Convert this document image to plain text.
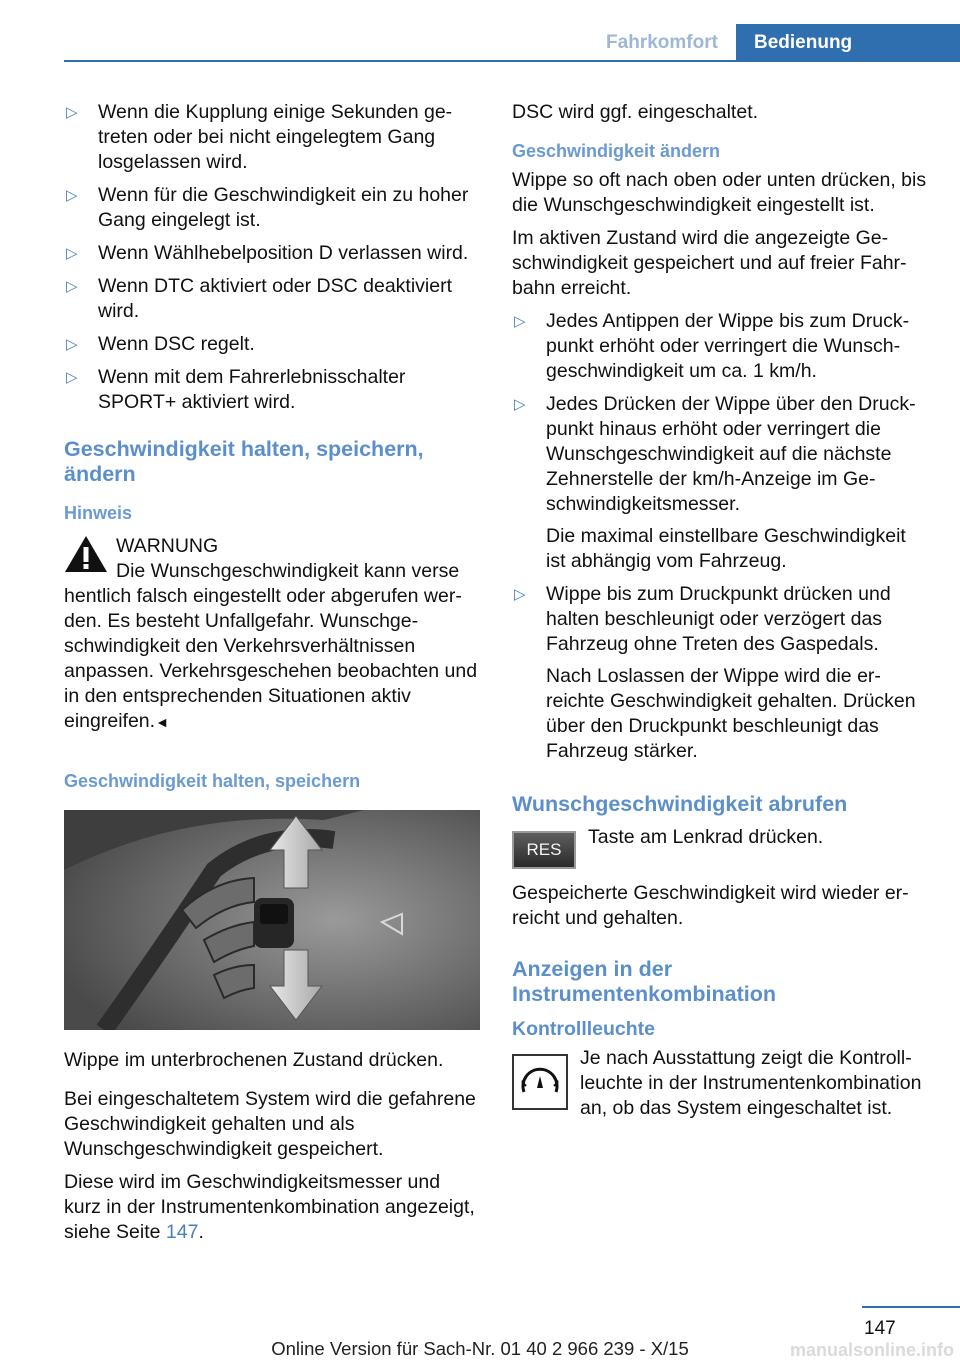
Fahrkomfort	Bedienung
▷ Wenn die Kupplung einige Sekunden getreten oder bei nicht eingelegtem Gang losgelassen wird.
▷ Wenn für die Geschwindigkeit ein zu hoher Gang eingelegt ist.
▷ Wenn Wählhebelposition D verlassen wird.
▷ Wenn DTC aktiviert oder DSC deaktiviert wird.
▷ Wenn DSC regelt.
▷ Wenn mit dem Fahrerlebnisschalter SPORT+ aktiviert wird.
Geschwindigkeit halten, speichern, ändern
Hinweis
WARNUNG
Die Wunschgeschwindigkeit kann verse
hentlich falsch eingestellt oder abgerufen werden. Es besteht Unfallgefahr. Wunschgeschwindigkeit den Verkehrsverhältnissen anpassen. Verkehrsgeschehen beobachten und in den entsprechenden Situationen aktiv eingreifen.◄
Geschwindigkeit halten, speichern
Wippe im unterbrochenen Zustand drücken.
Bei eingeschaltetem System wird die gefahrene Geschwindigkeit gehalten und als Wunschgeschwindigkeit gespeichert.
Diese wird im Geschwindigkeitsmesser und kurz in der Instrumentenkombination angezeigt, siehe Seite 147.
DSC wird ggf. eingeschaltet.
Geschwindigkeit ändern
Wippe so oft nach oben oder unten drücken, bis die Wunschgeschwindigkeit eingestellt ist.
Im aktiven Zustand wird die angezeigte Geschwindigkeit gespeichert und auf freier Fahrbahn erreicht.
▷ Jedes Antippen der Wippe bis zum Druckpunkt erhöht oder verringert die Wunschgeschwindigkeit um ca. 1 km/h.
▷ Jedes Drücken der Wippe über den Druckpunkt hinaus erhöht oder verringert die Wunschgeschwindigkeit auf die nächste Zehnerstelle der km/h-Anzeige im Geschwindigkeitsmesser.
Die maximal einstellbare Geschwindigkeit ist abhängig vom Fahrzeug.
▷ Wippe bis zum Druckpunkt drücken und halten beschleunigt oder verzögert das Fahrzeug ohne Treten des Gaspedals.
Nach Loslassen der Wippe wird die erreichte Geschwindigkeit gehalten. Drücken über den Druckpunkt beschleunigt das Fahrzeug stärker.
Wunschgeschwindigkeit abrufen
RES
Taste am Lenkrad drücken.
Gespeicherte Geschwindigkeit wird wieder erreicht und gehalten.
Anzeigen in der Instrumentenkombination
Kontrollleuchte
Je nach Ausstattung zeigt die Kontrollleuchte in der Instrumentenkombination an, ob das System eingeschaltet ist.
147
Online Version für Sach-Nr. 01 40 2 966 239 - X/15	manualsonline.info
